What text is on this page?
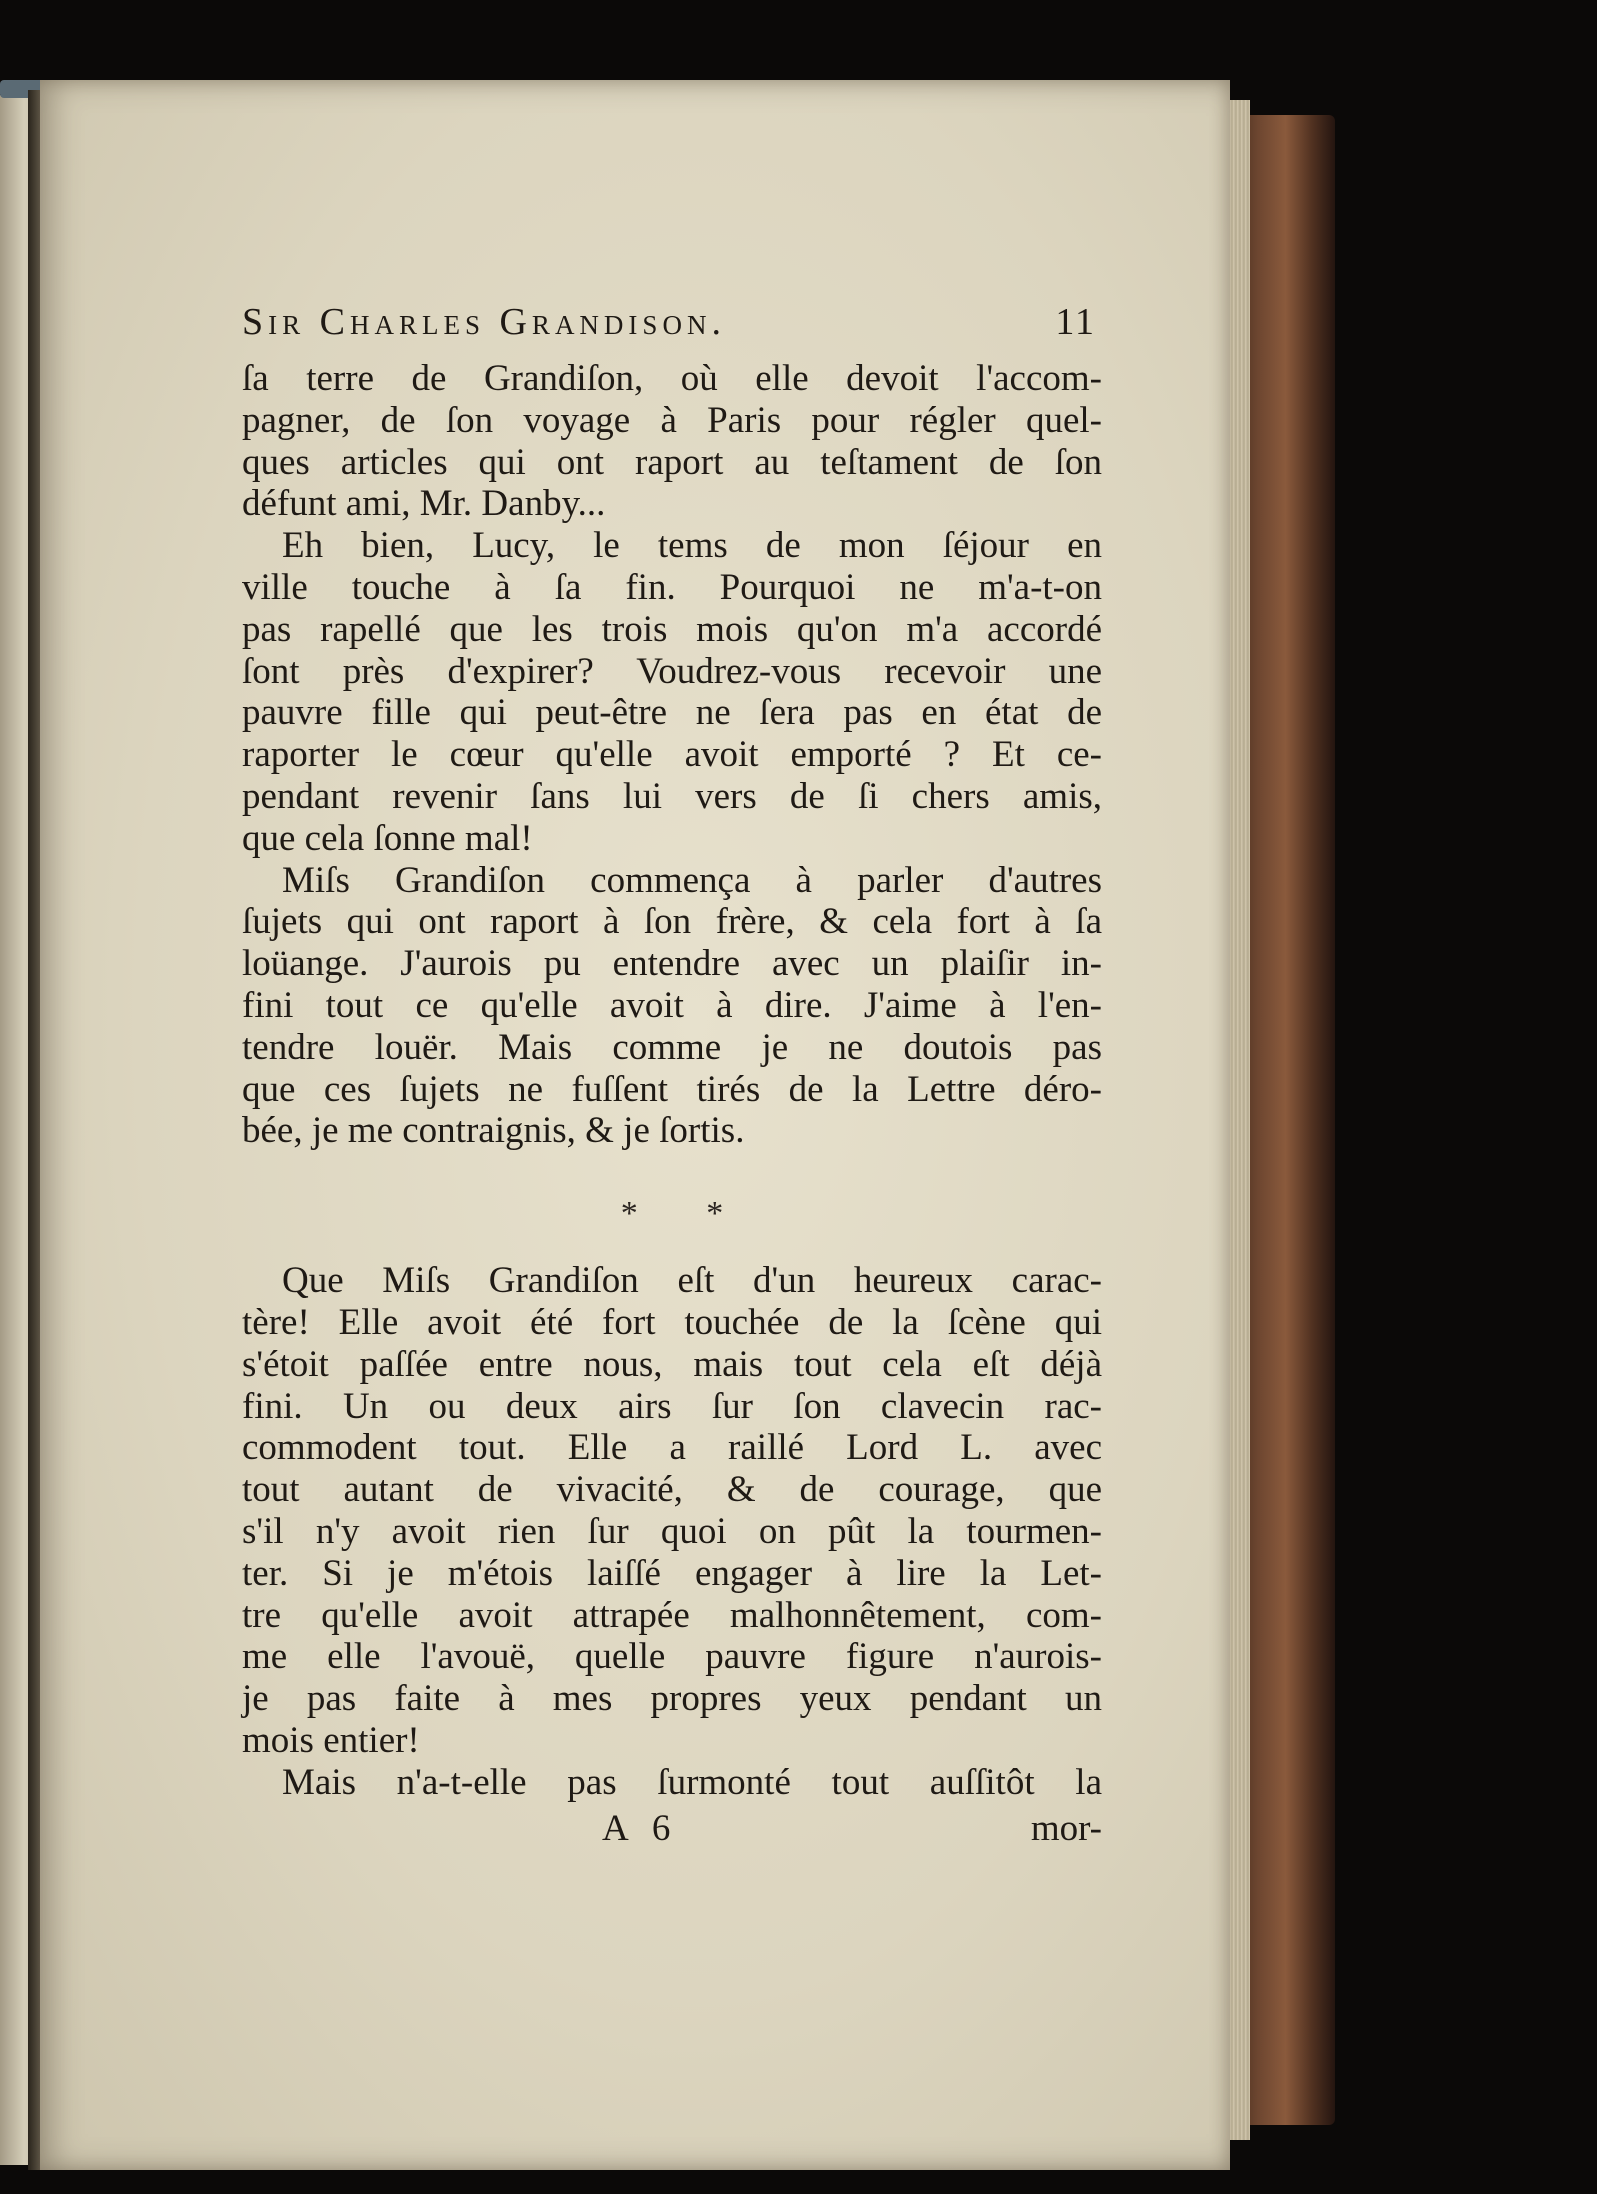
Sir Charles Grandison.	11
ſa terre de Grandiſon, où elle devoit l'accom-
pagner, de ſon voyage à Paris pour régler quel-
ques articles qui ont raport au teſtament de ſon
défunt ami, Mr. Danby...
Eh bien, Lucy, le tems de mon ſéjour en
ville touche à ſa fin. Pourquoi ne m'a-t-on
pas rapellé que les trois mois qu'on m'a accordé
ſont près d'expirer? Voudrez-vous recevoir une
pauvre fille qui peut-être ne ſera pas en état de
raporter le cœur qu'elle avoit emporté ? Et ce-
pendant revenir ſans lui vers de ſi chers amis,
que cela ſonne mal!
Miſs Grandiſon commença à parler d'autres
ſujets qui ont raport à ſon frère, & cela fort à ſa
loüange. J'aurois pu entendre avec un plaiſir in-
fini tout ce qu'elle avoit à dire. J'aime à l'en-
tendre louër. Mais comme je ne doutois pas
que ces ſujets ne fuſſent tirés de la Lettre déro-
bée, je me contraignis, & je ſortis.
* *
Que Miſs Grandiſon eſt d'un heureux carac-
tère! Elle avoit été fort touchée de la ſcène qui
s'étoit paſſée entre nous, mais tout cela eſt déjà
fini. Un ou deux airs ſur ſon clavecin rac-
commodent tout. Elle a raillé Lord L. avec
tout autant de vivacité, & de courage, que
s'il n'y avoit rien ſur quoi on pût la tourmen-
ter. Si je m'étois laiſſé engager à lire la Let-
tre qu'elle avoit attrapée malhonnêtement, com-
me elle l'avouë, quelle pauvre figure n'aurois-
je pas faite à mes propres yeux pendant un
mois entier!
Mais n'a-t-elle pas ſurmonté tout auſſitôt la
A 6	mor-
